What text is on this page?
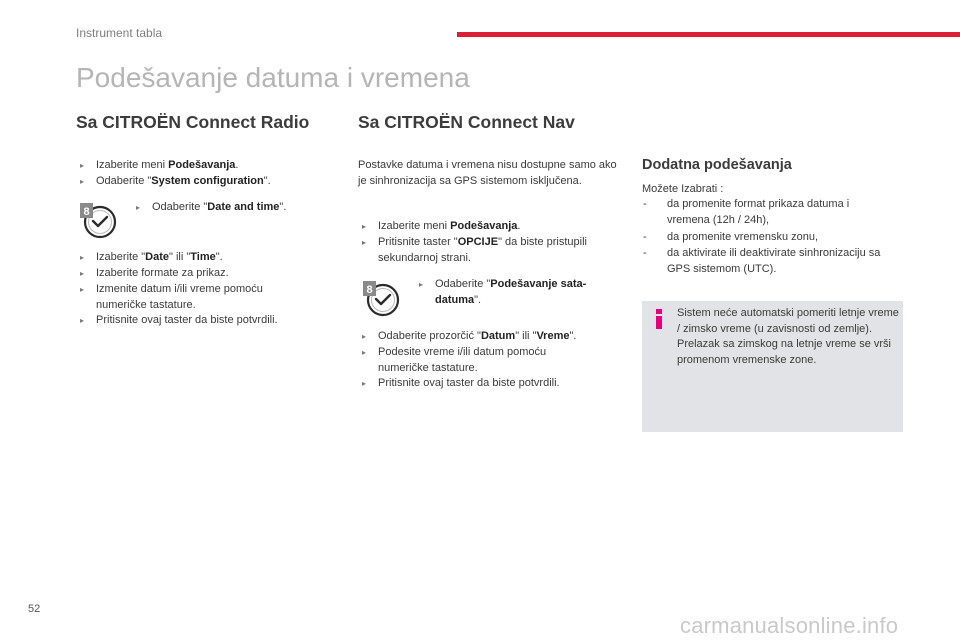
Instrument tabla
Podešavanje datuma i vremena
Sa CITROËN Connect Radio
▸	Izaberite meni Podešavanja.
▸	Odaberite "System configuration".
8	▸	Odaberite "Date and time".
▸	Izaberite "Date" ili "Time".
▸	Izaberite formate za prikaz.
▸	Izmenite datum i/ili vreme pomoću numeričke tastature.
▸	Pritisnite ovaj taster da biste potvrdili.
Sa CITROËN Connect Nav
Postavke datuma i vremena nisu dostupne samo ako je sinhronizacija sa GPS sistemom isključena.
▸	Izaberite meni Podešavanja.
▸	Pritisnite taster "OPCIJE" da biste pristupili sekundarnoj strani.
8	▸	Odaberite "Podešavanje sata-datuma".
▸	Odaberite prozorčić "Datum" ili "Vreme".
▸	Podesite vreme i/ili datum pomoću numeričke tastature.
▸	Pritisnite ovaj taster da biste potvrdili.
Dodatna podešavanja
Možete Izabrati :
-	da promenite format prikaza datuma i vremena (12h / 24h),
-	da promenite vremensku zonu,
-	da aktivirate ili deaktivirate sinhronizaciju sa GPS sistemom (UTC).
Sistem neće automatski pomeriti letnje vreme / zimsko vreme (u zavisnosti od zemlje).
Prelazak sa zimskog na letnje vreme se vrši promenom vremenske zone.
52
carmanualsonline.info
